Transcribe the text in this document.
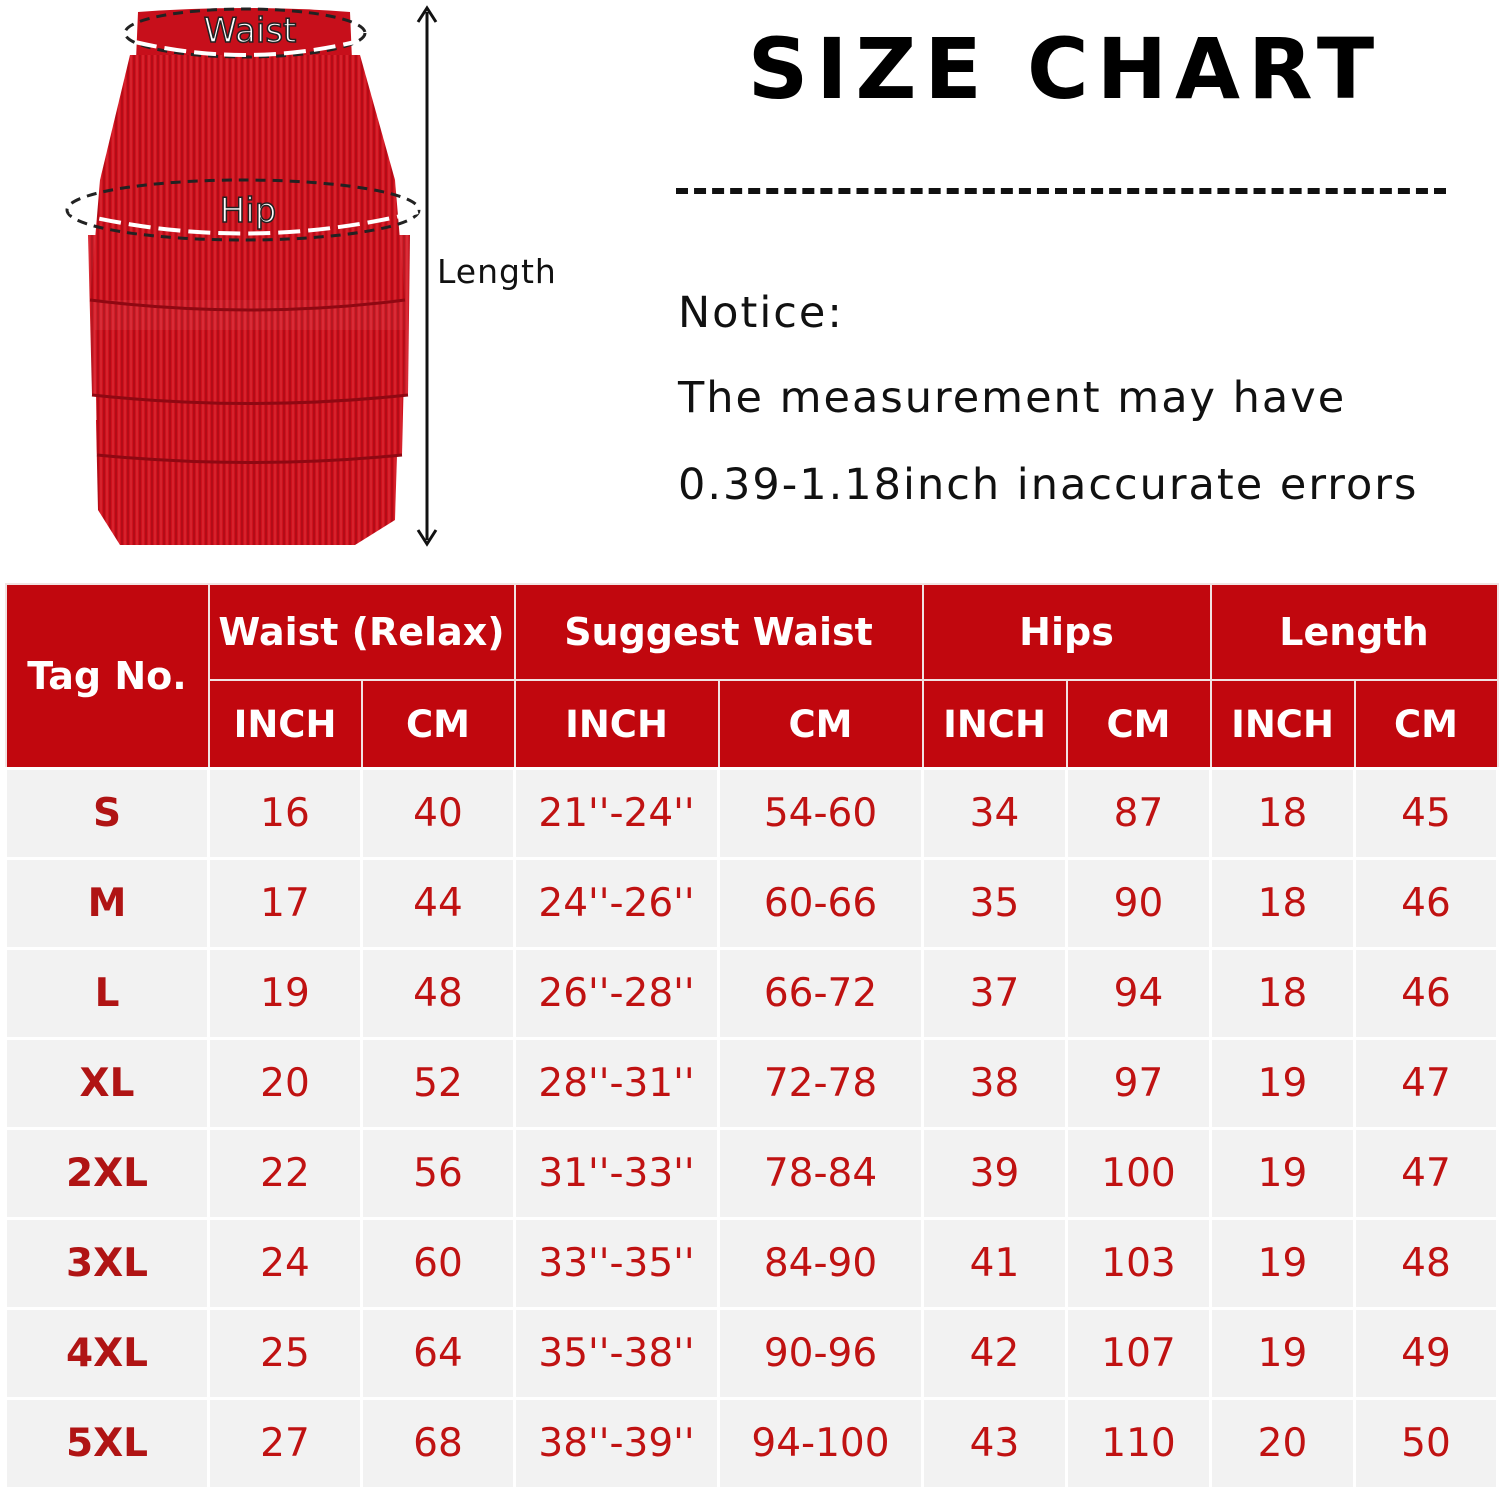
Waist
Hip
Length
SIZE CHART
Notice:
The measurement may have
0.39-1.18inch inaccurate errors
Tag No.	Waist (Relax)		Suggest Waist		Hips		Length	
	INCH	CM	INCH	CM	INCH	CM	INCH	CM
S	16	40	21''-24''	54-60	34	87	18	45
M	17	44	24''-26''	60-66	35	90	18	46
L	19	48	26''-28''	66-72	37	94	18	46
XL	20	52	28''-31''	72-78	38	97	19	47
2XL	22	56	31''-33''	78-84	39	100	19	47
3XL	24	60	33''-35''	84-90	41	103	19	48
4XL	25	64	35''-38''	90-96	42	107	19	49
5XL	27	68	38''-39''	94-100	43	110	20	50
